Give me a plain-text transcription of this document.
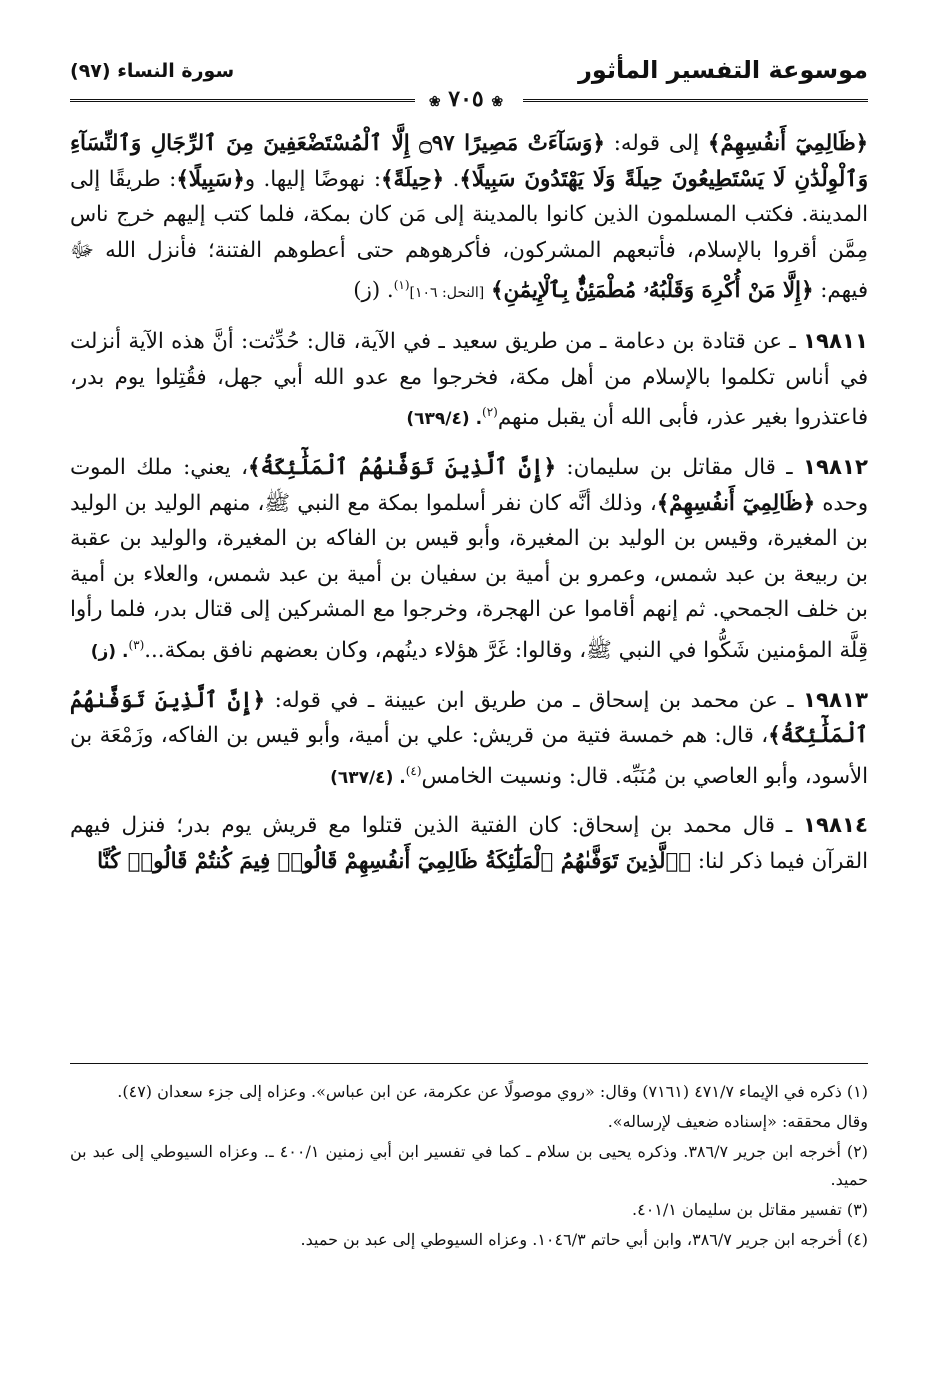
موسوعة التفسير المأثور
سورة النساء (٩٧)
❀ ٧٠٥ ❀

﴿ظَالِمِيٓ أَنفُسِهِمْ﴾ إلى قوله: ﴿وَسَآءَتْ مَصِيرًا ۝٩٧ إِلَّا ٱلْمُسْتَضْعَفِينَ مِنَ ٱلرِّجَالِ وَٱلنِّسَآءِ وَٱلْوِلْدَٰنِ لَا يَسْتَطِيعُونَ حِيلَةً وَلَا يَهْتَدُونَ سَبِيلًا﴾. ﴿حِيلَةً﴾: نهوضًا إليها. و﴿سَبِيلًا﴾: طريقًا إلى المدينة. فكتب المسلمون الذين كانوا بالمدينة إلى مَن كان بمكة، فلما كتب إليهم خرج ناس مِمَّن أقروا بالإسلام، فأتبعهم المشركون، فأكرهوهم حتى أعطوهم الفتنة؛ فأنزل الله ﷻ فيهم: ﴿إِلَّا مَنْ أُكْرِهَ وَقَلْبُهُۥ مُطْمَئِنٌّۢ بِٱلْإِيمَٰنِ﴾ [النحل: ١٠٦]$^{(١)}$. (ز)

١٩٨١١ ـ عن قتادة بن دعامة ـ من طريق سعيد ـ في الآية، قال: حُدِّثت: أنَّ هذه الآية أنزلت في أناس تكلموا بالإسلام من أهل مكة، فخرجوا مع عدو الله أبي جهل، فقُتِلوا يوم بدر، فاعتذروا بغير عذر، فأبى الله أن يقبل منهم$^{(٢)}$. (٦٣٩/٤)

١٩٨١٢ ـ قال مقاتل بن سليمان: ﴿إِنَّ ٱلَّذِينَ تَوَفَّىٰهُمُ ٱلْمَلَٰٓئِكَةُ﴾، يعني: ملك الموت وحده ﴿ظَالِمِيٓ أَنفُسِهِمْ﴾، وذلك أنَّه كان نفر أسلموا بمكة مع النبي ﷺ، منهم الوليد بن الوليد بن المغيرة، وقيس بن الوليد بن المغيرة، وأبو قيس بن الفاكه بن المغيرة، والوليد بن عقبة بن ربيعة بن عبد شمس، وعمرو بن أمية بن سفيان بن أمية بن عبد شمس، والعلاء بن أمية بن خلف الجمحي. ثم إنهم أقاموا عن الهجرة، وخرجوا مع المشركين إلى قتال بدر، فلما رأوا قِلَّة المؤمنين شَكُّوا في النبي ﷺ، وقالوا: غَرَّ هؤلاء دينُهم، وكان بعضهم نافق بمكة...$^{(٣)}$. (ز)

١٩٨١٣ ـ عن محمد بن إسحاق ـ من طريق ابن عيينة ـ في قوله: ﴿إِنَّ ٱلَّذِينَ تَوَفَّىٰهُمُ ٱلْمَلَٰٓئِكَةُ﴾، قال: هم خمسة فتية من قريش: علي بن أمية، وأبو قيس بن الفاكه، وزَمْعَة بن الأسود، وأبو العاصي بن مُنَبِّه. قال: ونسيت الخامس$^{(٤)}$. (٦٣٧/٤)

١٩٨١٤ ـ قال محمد بن إسحاق: كان الفتية الذين قتلوا مع قريش يوم بدر؛ فنزل فيهم القرآن فيما ذكر لنا: ﴿ٱلَّذِينَ تَوَفَّىٰهُمُ ٱلْمَلَٰٓئِكَةُ ظَالِمِيٓ أَنفُسِهِمْ قَالُوا۟ فِيمَ كُنتُمْ قَالُوا۟ كُنَّا

(١) ذكره في الإيماء ٤٧١/٧ (٧١٦١) وقال: «روي موصولًا عن عكرمة، عن ابن عباس». وعزاه إلى جزء سعدان (٤٧).

وقال محققه: «إسناده ضعيف لإرساله».

(٢) أخرجه ابن جرير ٣٨٦/٧. وذكره يحيى بن سلام ـ كما في تفسير ابن أبي زمنين ٤٠٠/١ ـ. وعزاه السيوطي إلى عبد بن حميد.

(٣) تفسير مقاتل بن سليمان ٤٠١/١.

(٤) أخرجه ابن جرير ٣٨٦/٧، وابن أبي حاتم ١٠٤٦/٣. وعزاه السيوطي إلى عبد بن حميد.
